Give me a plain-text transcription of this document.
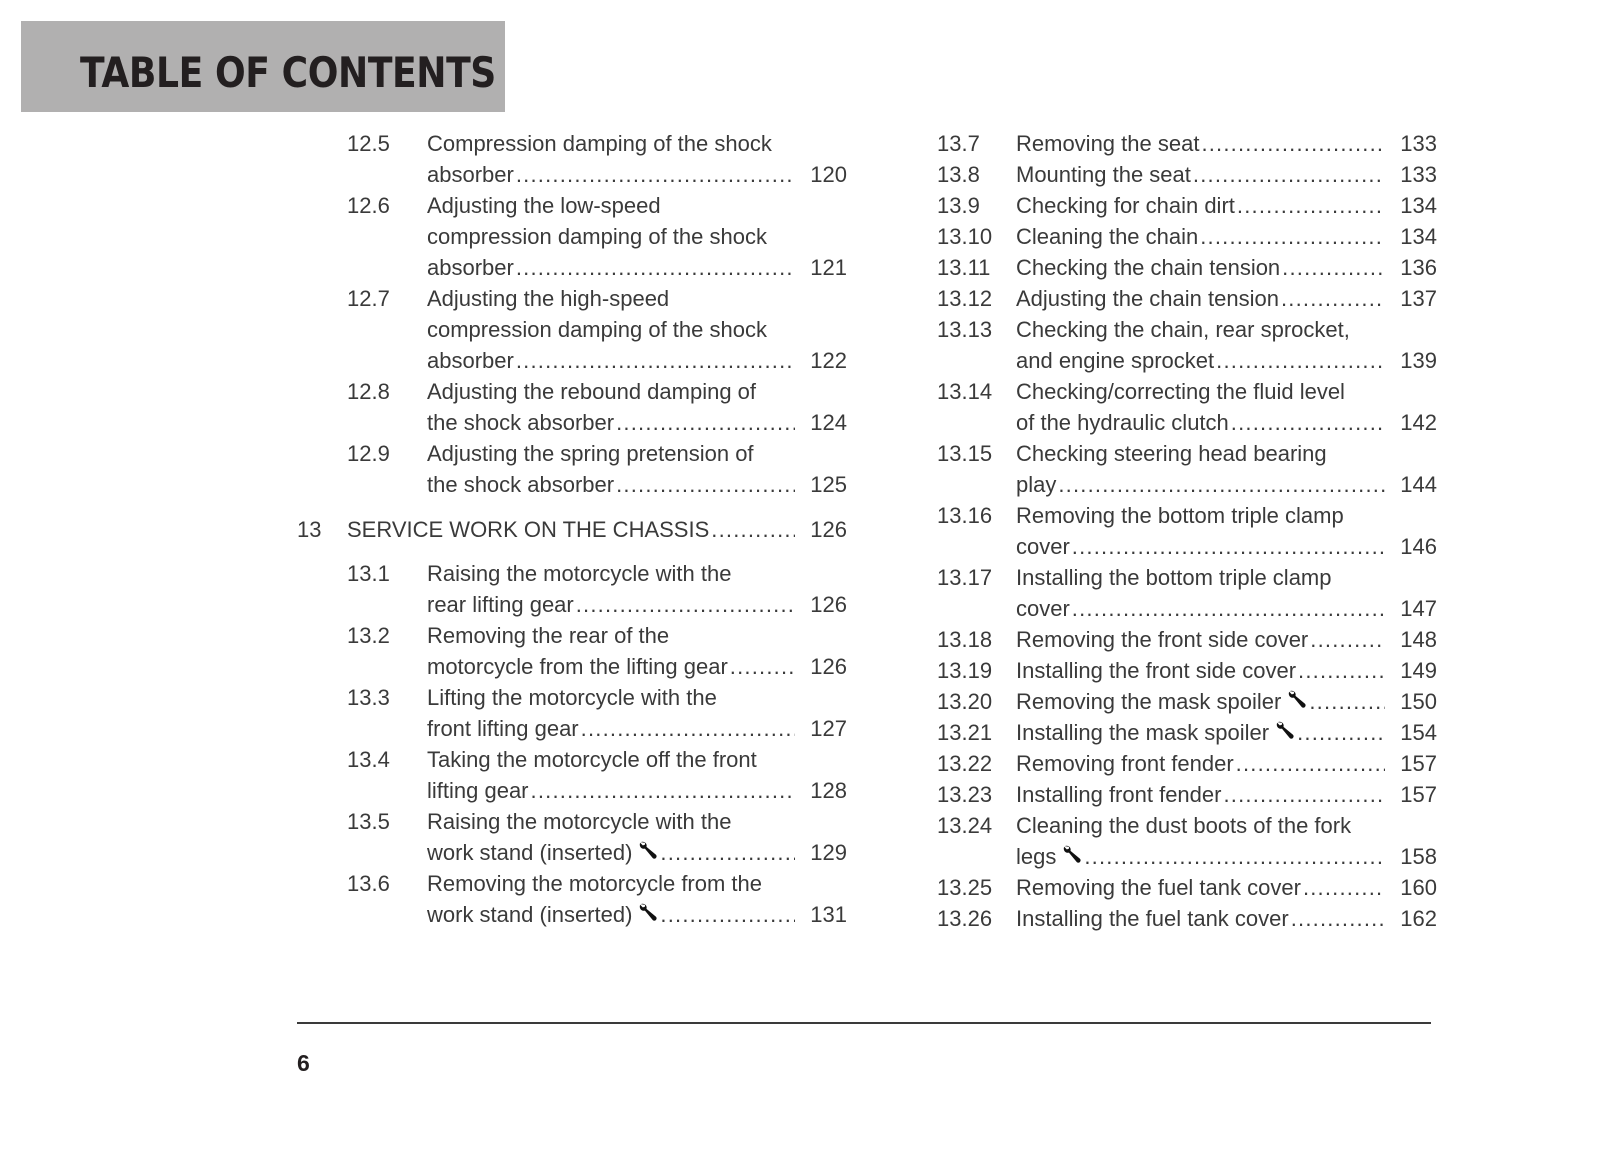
TABLE OF CONTENTS
12.5 Compression damping of the shock
absorber .....	120
12.6 Adjusting the low-speed
compression damping of the shock
absorber .....	121
12.7 Adjusting the high-speed
compression damping of the shock
absorber .....	122
12.8 Adjusting the rebound damping of
the shock absorber .....	124
12.9 Adjusting the spring pretension of
the shock absorber .....	125
13 SERVICE WORK ON THE CHASSIS .....	126
13.1 Raising the motorcycle with the
rear lifting gear .....	126
13.2 Removing the rear of the
motorcycle from the lifting gear .....	126
13.3 Lifting the motorcycle with the
front lifting gear .....	127
13.4 Taking the motorcycle off the front
lifting gear .....	128
13.5 Raising the motorcycle with the
work stand (inserted) .....	129
13.6 Removing the motorcycle from the
work stand (inserted) .....	131
13.7 Removing the seat .....	133
13.8 Mounting the seat .....	133
13.9 Checking for chain dirt .....	134
13.10 Cleaning the chain .....	134
13.11 Checking the chain tension .....	136
13.12 Adjusting the chain tension .....	137
13.13 Checking the chain, rear sprocket,
and engine sprocket .....	139
13.14 Checking/correcting the fluid level
of the hydraulic clutch .....	142
13.15 Checking steering head bearing
play .....	144
13.16 Removing the bottom triple clamp
cover .....	146
13.17 Installing the bottom triple clamp
cover .....	147
13.18 Removing the front side cover .....	148
13.19 Installing the front side cover .....	149
13.20 Removing the mask spoiler .....	150
13.21 Installing the mask spoiler .....	154
13.22 Removing front fender .....	157
13.23 Installing front fender .....	157
13.24 Cleaning the dust boots of the fork
legs .....	158
13.25 Removing the fuel tank cover .....	160
13.26 Installing the fuel tank cover .....	162
6
